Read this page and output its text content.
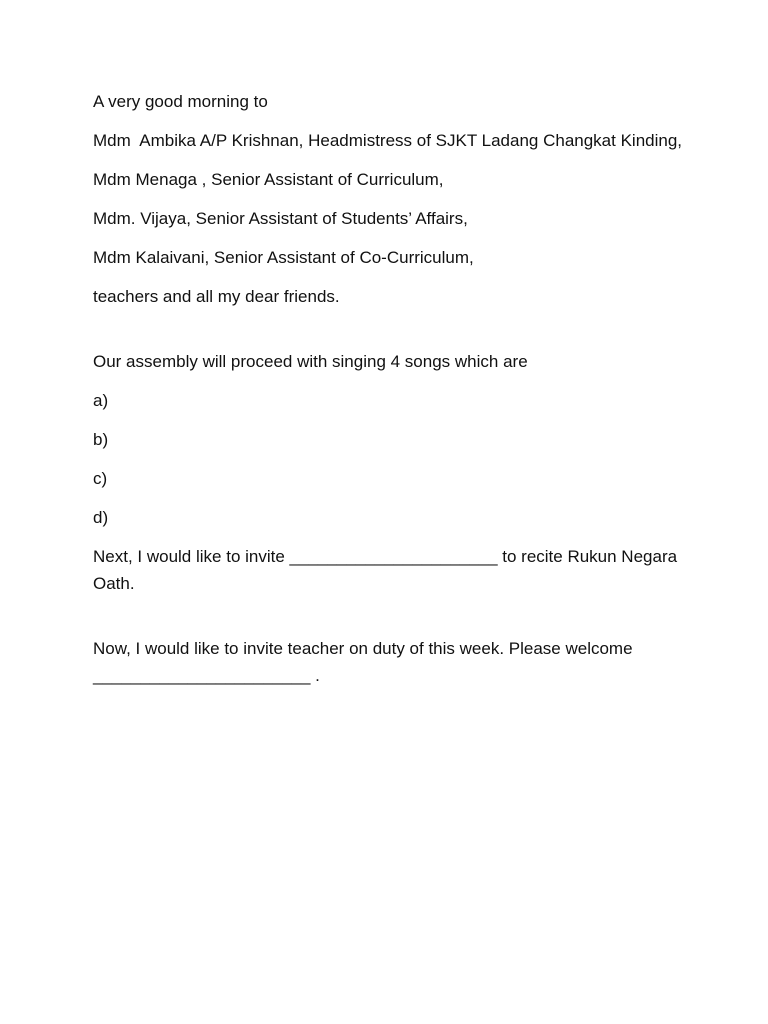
A very good morning to

Mdm  Ambika A/P Krishnan, Headmistress of SJKT Ladang Changkat Kinding,

Mdm Menaga , Senior Assistant of Curriculum,

Mdm. Vijaya, Senior Assistant of Students’ Affairs,

Mdm Kalaivani, Senior Assistant of Co-Curriculum,

teachers and all my dear friends.

Our assembly will proceed with singing 4 songs which are

a)

b)

c)

d)

Next, I would like to invite ______________________ to recite Rukun Negara Oath.

Now, I would like to invite teacher on duty of this week. Please welcome _______________________ .
